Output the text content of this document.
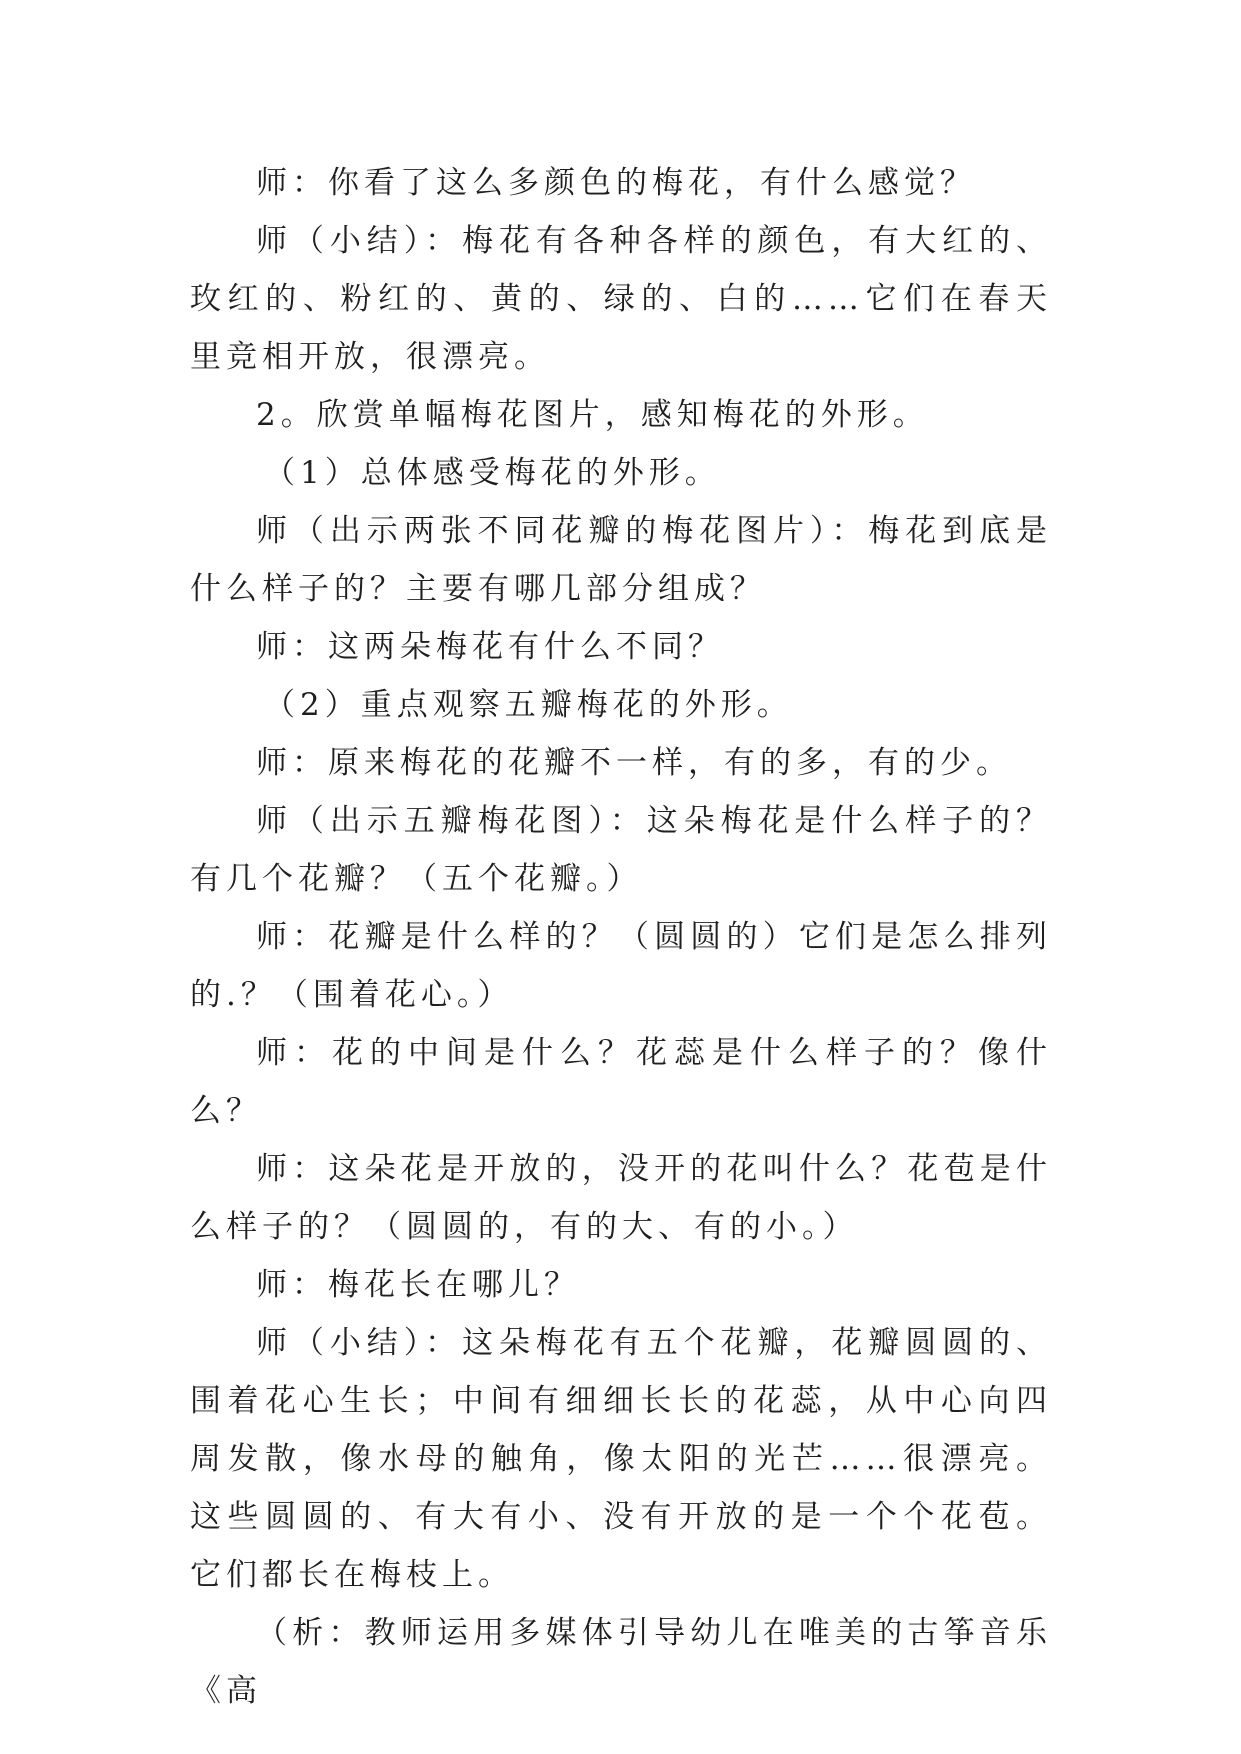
师：你看了这么多颜色的梅花，有什么感觉？

师（小结）：梅花有各种各样的颜色，有大红的、玫红的、粉红的、黄的、绿的、白的……它们在春天里竞相开放，很漂亮。

2。欣赏单幅梅花图片，感知梅花的外形。

（1）总体感受梅花的外形。

师（出示两张不同花瓣的梅花图片）：梅花到底是什么样子的？主要有哪几部分组成？

师：这两朵梅花有什么不同？

（2）重点观察五瓣梅花的外形。

师：原来梅花的花瓣不一样，有的多，有的少。

师（出示五瓣梅花图）：这朵梅花是什么样子的？有几个花瓣？（五个花瓣。）

师：花瓣是什么样的？（圆圆的）它们是怎么排列的.？（围着花心。）

师：花的中间是什么？花蕊是什么样子的？像什么？

师：这朵花是开放的，没开的花叫什么？花苞是什么样子的？（圆圆的，有的大、有的小。）

师：梅花长在哪儿？

师（小结）：这朵梅花有五个花瓣，花瓣圆圆的、围着花心生长；中间有细细长长的花蕊，从中心向四周发散，像水母的触角，像太阳的光芒……很漂亮。这些圆圆的、有大有小、没有开放的是一个个花苞。它们都长在梅枝上。

（析：教师运用多媒体引导幼儿在唯美的古筝音乐《高
